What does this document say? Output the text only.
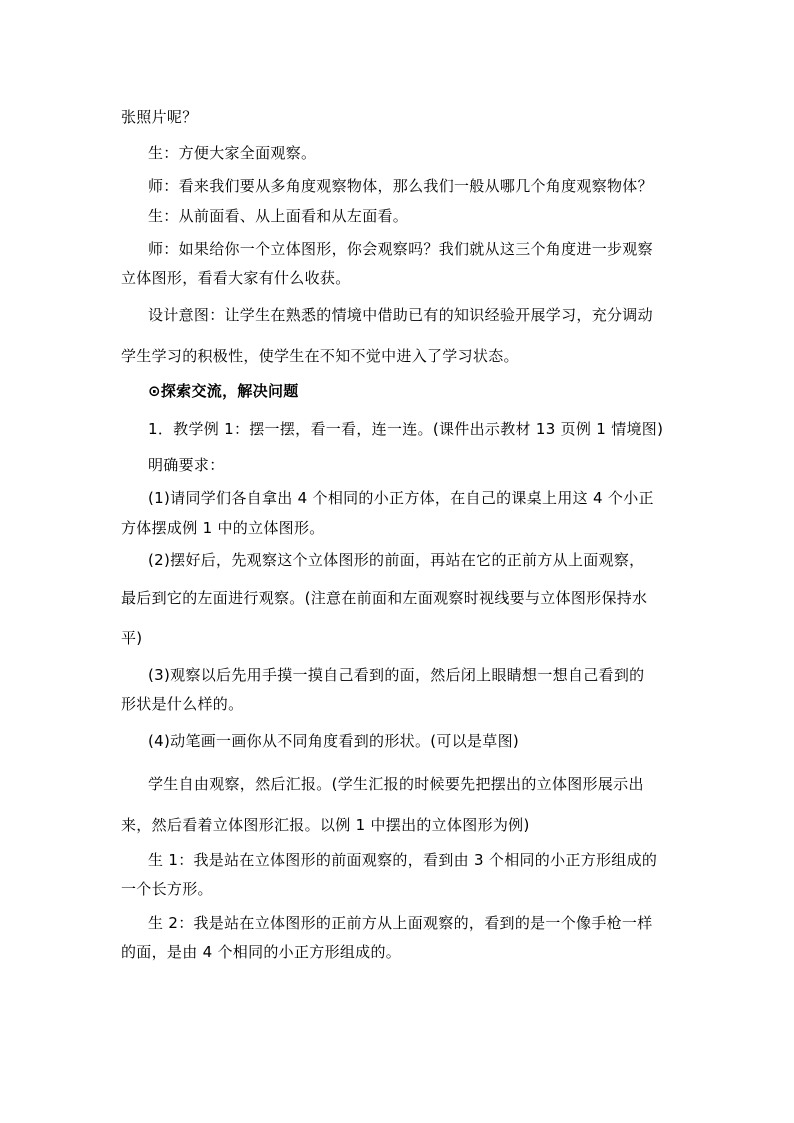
张照片呢？
生：方便大家全面观察。
师：看来我们要从多角度观察物体，那么我们一般从哪几个角度观察物体？
生：从前面看、从上面看和从左面看。
师：如果给你一个立体图形，你会观察吗？我们就从这三个角度进一步观察
立体图形，看看大家有什么收获。
设计意图：让学生在熟悉的情境中借助已有的知识经验开展学习，充分调动
学生学习的积极性，使学生在不知不觉中进入了学习状态。
⊙探索交流，解决问题
1．教学例 1：摆一摆，看一看，连一连。(课件出示教材 13 页例 1 情境图)
明确要求：
(1)请同学们各自拿出 4 个相同的小正方体，在自己的课桌上用这 4 个小正
方体摆成例 1 中的立体图形。
(2)摆好后，先观察这个立体图形的前面，再站在它的正前方从上面观察，
最后到它的左面进行观察。(注意在前面和左面观察时视线要与立体图形保持水
平)
(3)观察以后先用手摸一摸自己看到的面，然后闭上眼睛想一想自己看到的
形状是什么样的。
(4)动笔画一画你从不同角度看到的形状。(可以是草图)
学生自由观察，然后汇报。(学生汇报的时候要先把摆出的立体图形展示出
来，然后看着立体图形汇报。以例 1 中摆出的立体图形为例)
生 1：我是站在立体图形的前面观察的，看到由 3 个相同的小正方形组成的
一个长方形。
生 2：我是站在立体图形的正前方从上面观察的，看到的是一个像手枪一样
的面，是由 4 个相同的小正方形组成的。
